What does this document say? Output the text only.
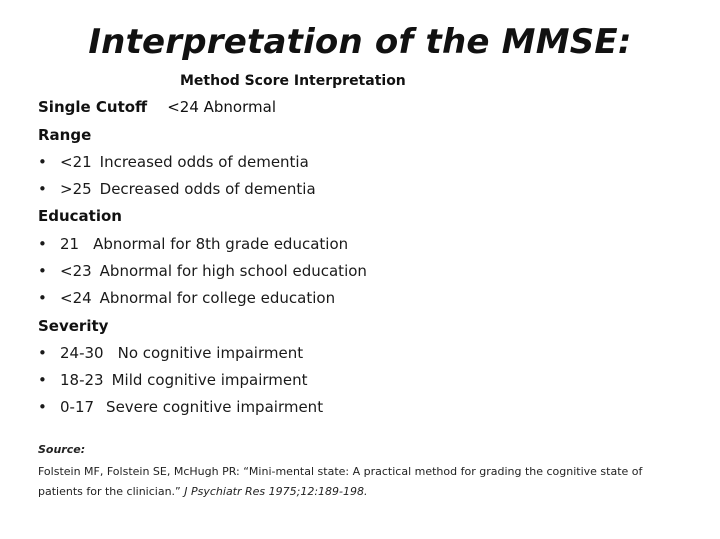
Interpretation of the MMSE:
Method Score Interpretation
Single Cutoff <24 Abnormal
Range
• <21 Increased odds of dementia
• >25 Decreased odds of dementia
Education
• 21 Abnormal for 8th grade education
• <23 Abnormal for high school education
• <24 Abnormal for college education
Severity
• 24-30 No cognitive impairment
• 18-23 Mild cognitive impairment
• 0-17 Severe cognitive impairment
Source:
Folstein MF, Folstein SE, McHugh PR: “Mini-mental state: A practical method for grading the cognitive state of patients for the clinician.” J Psychiatr Res 1975;12:189-198.
